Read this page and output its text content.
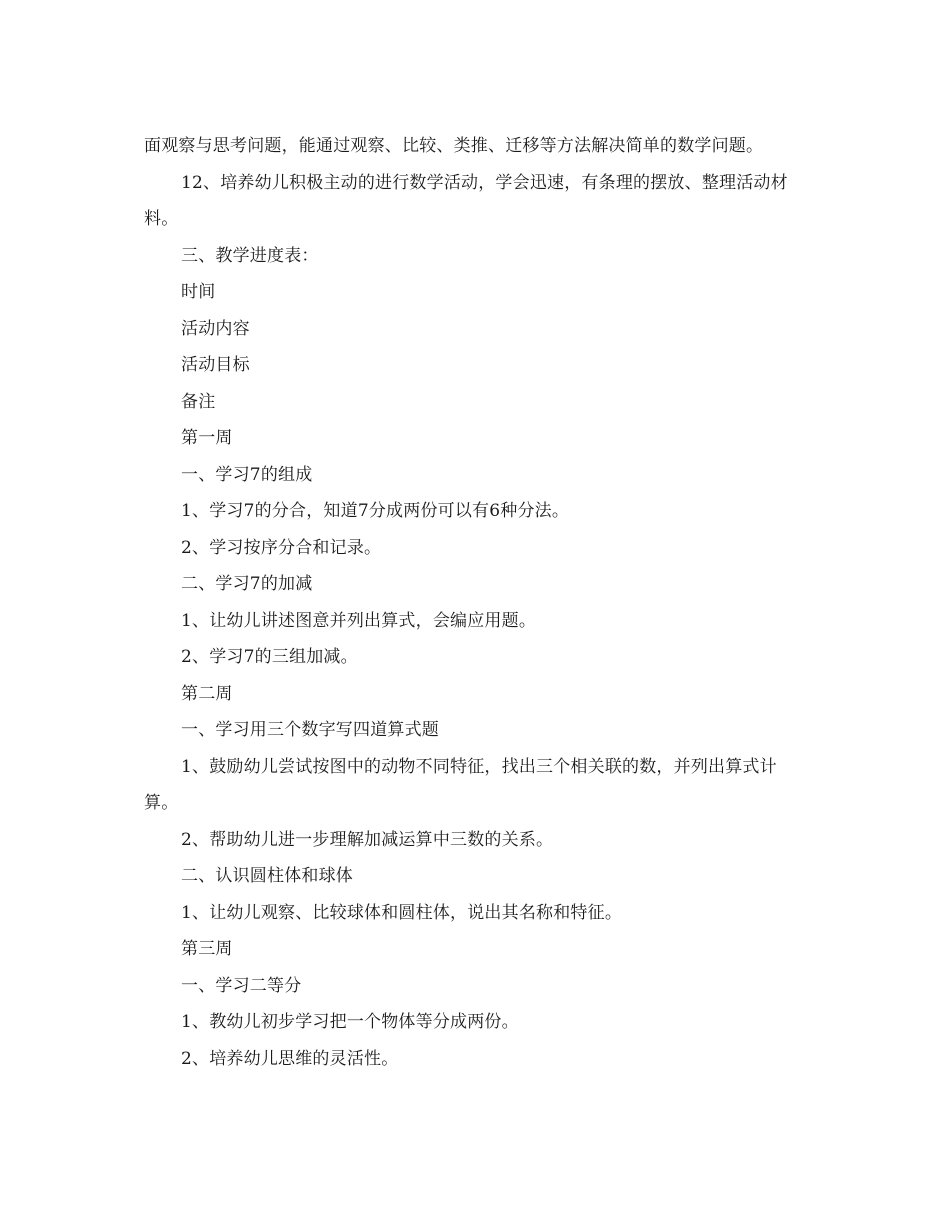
面观察与思考问题，能通过观察、比较、类推、迁移等方法解决简单的数学问题。

12、培养幼儿积极主动的进行数学活动，学会迅速，有条理的摆放、整理活动材料。

三、教学进度表：

时间

活动内容

活动目标

备注

第一周

一、学习7的组成

1、学习7的分合，知道7分成两份可以有6种分法。

2、学习按序分合和记录。

二、学习7的加减

1、让幼儿讲述图意并列出算式，会编应用题。

2、学习7的三组加减。

第二周

一、学习用三个数字写四道算式题

1、鼓励幼儿尝试按图中的动物不同特征，找出三个相关联的数，并列出算式计算。

2、帮助幼儿进一步理解加减运算中三数的关系。

二、认识圆柱体和球体

1、让幼儿观察、比较球体和圆柱体，说出其名称和特征。

第三周

一、学习二等分

1、教幼儿初步学习把一个物体等分成两份。

2、培养幼儿思维的灵活性。
